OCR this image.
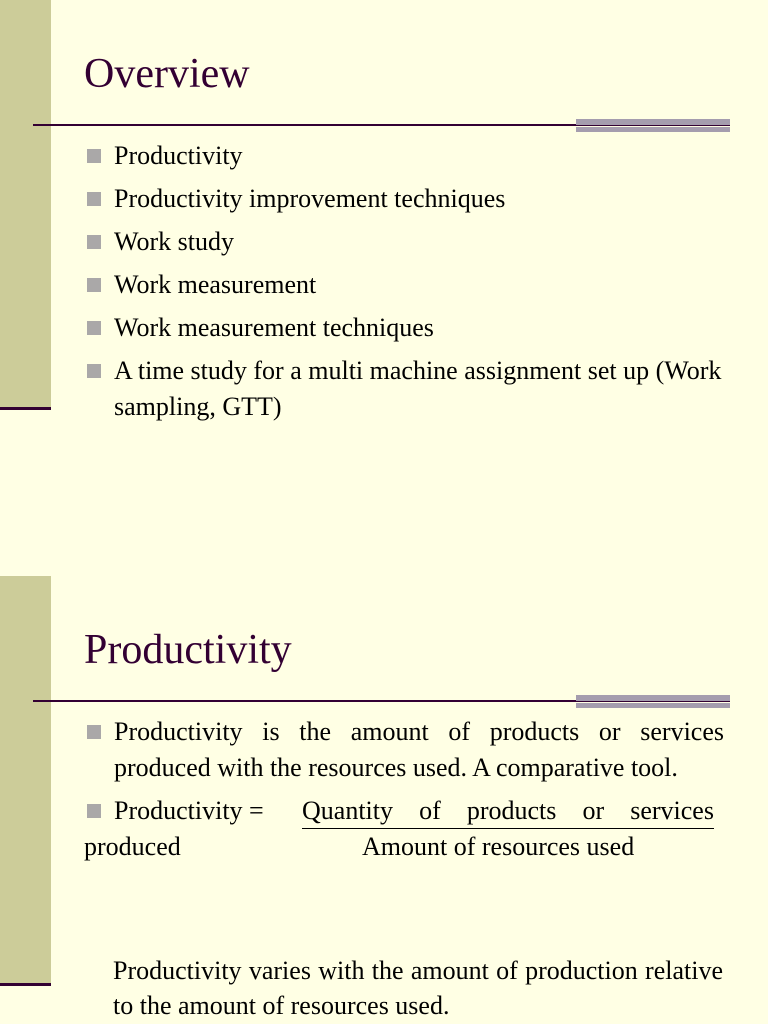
Overview
Productivity
Productivity improvement techniques
Work study
Work measurement
Work measurement techniques
A time study for a multi machine assignment set up (Work sampling, GTT)
Productivity
Productivity is the amount of products or services produced with the resources used. A comparative tool.
Productivity = Quantity of products or services
produced	Amount of resources used
Productivity varies with the amount of production relative to the amount of resources used.
